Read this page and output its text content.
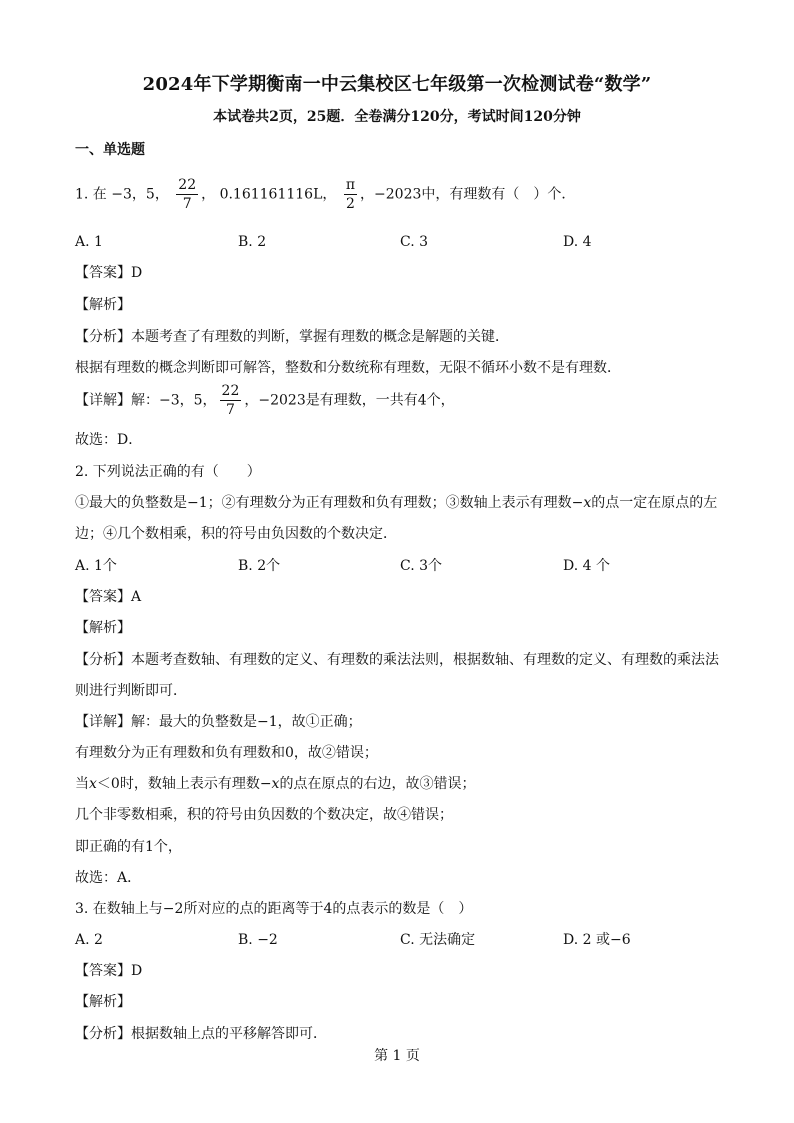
2024年下学期衡南一中云集校区七年级第一次检测试卷“数学”
本试卷共2页，25题．全卷满分120分，考试时间120分钟
一、单选题
1. 在 −3，5， $\frac{22}{7}$ ， 0.161161116L， $\frac{\pi}{2}$ ，−2023中，有理数有（　）个．
A. 1	B. 2	C. 3	D. 4
【答案】D
【解析】
【分析】本题考查了有理数的判断，掌握有理数的概念是解题的关键．
根据有理数的概念判断即可解答，整数和分数统称有理数，无限不循环小数不是有理数．
【详解】解：−3，5， $\frac{22}{7}$ ，−2023是有理数，一共有4个，
故选：D．
2. 下列说法正确的有（　　）
①最大的负整数是−1；②有理数分为正有理数和负有理数；③数轴上表示有理数−x的点一定在原点的左
边；④几个数相乘，积的符号由负因数的个数决定．
A. 1个	B. 2个	C. 3个	D. 4 个
【答案】A
【解析】
【分析】本题考查数轴、有理数的定义、有理数的乘法法则，根据数轴、有理数的定义、有理数的乘法法
则进行判断即可．
【详解】解：最大的负整数是−1，故①正确；
有理数分为正有理数和负有理数和0，故②错误；
当x＜0时，数轴上表示有理数−x的点在原点的右边，故③错误；
几个非零数相乘，积的符号由负因数的个数决定，故④错误；
即正确的有1个，
故选：A．
3. 在数轴上与−2所对应的点的距离等于4的点表示的数是（　）
A. 2	B. −2	C. 无法确定	D. 2 或−6
【答案】D
【解析】
【分析】根据数轴上点的平移解答即可．
第 1 页
